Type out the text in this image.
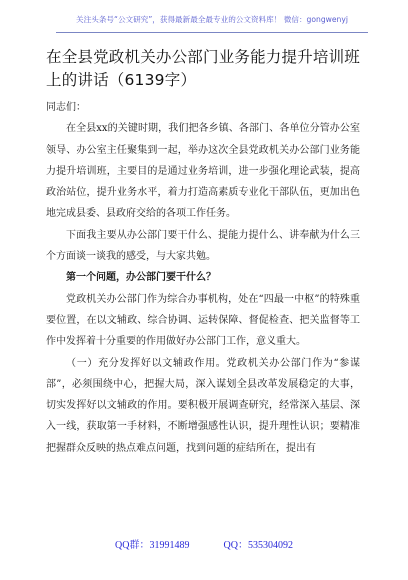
关注头条号“公文研究”，获得最新最全最专业的公文资料库！ 微信：gongwenyj
在全县党政机关办公部门业务能力提升培训班上的讲话（6139字）

同志们：

在全县xx的关键时期，我们把各乡镇、各部门、各单位分管办公室领导、办公室主任聚集到一起，举办这次全县党政机关办公部门业务能力提升培训班，主要目的是通过业务培训，进一步强化理论武装，提高政治站位，提升业务水平，着力打造高素质专业化干部队伍，更加出色地完成县委、县政府交给的各项工作任务。

下面我主要从办公部门要干什么、提能力提什么、讲奉献为什么三个方面谈一谈我的感受，与大家共勉。

第一个问题，办公部门要干什么？

党政机关办公部门作为综合办事机构，处在“四最一中枢”的特殊重要位置，在以文辅政、综合协调、运转保障、督促检查、把关监督等工作中发挥着十分重要的作用做好办公部门工作，意义重大。

（一）充分发挥好以文辅政作用。党政机关办公部门作为“参谋部”，必须围绕中心，把握大局，深入谋划全县改革发展稳定的大事，切实发挥好以文辅政的作用。要积极开展调查研究，经常深入基层、深入一线，获取第一手材料，不断增强感性认识，提升理性认识；要精准把握群众反映的热点难点问题，找到问题的症结所在，提出有

QQ群：31991489	QQ：535304092
